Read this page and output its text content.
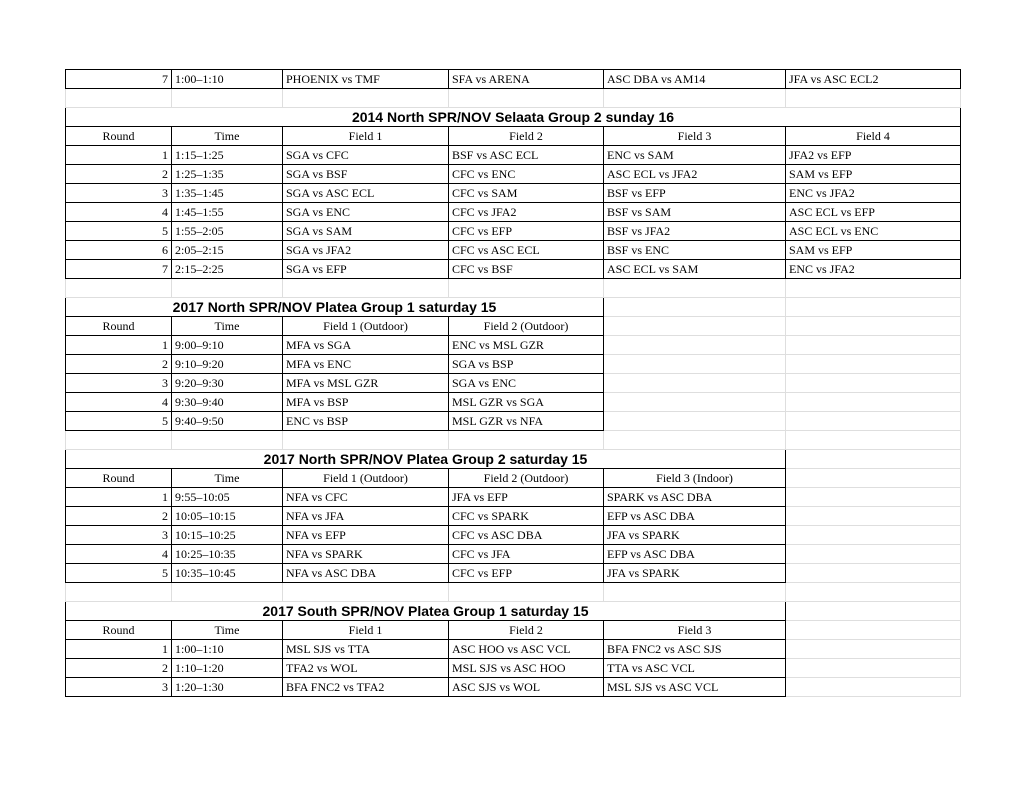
7	1:00–1:10	PHOENIX vs TMF	SFA vs ARENA	ASC DBA vs AM14	JFA vs ASC ECL2

2014 North SPR/NOV Selaata Group 2 sunday 16					
Round	Time	Field 1	Field 2	Field 3	Field 4
1	1:15–1:25	SGA vs CFC	BSF vs ASC ECL	ENC vs SAM	JFA2 vs EFP
2	1:25–1:35	SGA vs BSF	CFC vs ENC	ASC ECL vs JFA2	SAM vs EFP
3	1:35–1:45	SGA vs ASC ECL	CFC vs SAM	BSF vs EFP	ENC vs JFA2
4	1:45–1:55	SGA vs ENC	CFC vs JFA2	BSF vs SAM	ASC ECL vs EFP
5	1:55–2:05	SGA vs SAM	CFC vs EFP	BSF vs JFA2	ASC ECL vs ENC
6	2:05–2:15	SGA vs JFA2	CFC vs ASC ECL	BSF vs ENC	SAM vs EFP
7	2:15–2:25	SGA vs EFP	CFC vs BSF	ASC ECL vs SAM	ENC vs JFA2

2017 North SPR/NOV Platea Group 1 saturday 15					
Round	Time	Field 1 (Outdoor)	Field 2 (Outdoor)		
1	9:00–9:10	MFA vs SGA	ENC vs MSL GZR		
2	9:10–9:20	MFA vs ENC	SGA vs BSP		
3	9:20–9:30	MFA vs MSL GZR	SGA vs ENC		
4	9:30–9:40	MFA vs BSP	MSL GZR vs SGA		
5	9:40–9:50	ENC vs BSP	MSL GZR vs NFA		

2017 North SPR/NOV Platea Group 2 saturday 15					
Round	Time	Field 1 (Outdoor)	Field 2 (Outdoor)	Field 3 (Indoor)	
1	9:55–10:05	NFA vs CFC	JFA vs EFP	SPARK vs ASC DBA	
2	10:05–10:15	NFA vs JFA	CFC vs SPARK	EFP vs ASC DBA	
3	10:15–10:25	NFA vs EFP	CFC vs ASC DBA	JFA vs SPARK	
4	10:25–10:35	NFA vs SPARK	CFC vs JFA	EFP vs ASC DBA	
5	10:35–10:45	NFA vs ASC DBA	CFC vs EFP	JFA vs SPARK	

2017 South SPR/NOV Platea Group 1 saturday 15					
Round	Time	Field 1	Field 2	Field 3	
1	1:00–1:10	MSL SJS vs TTA	ASC HOO vs ASC VCL	BFA FNC2 vs ASC SJS	
2	1:10–1:20	TFA2 vs WOL	MSL SJS vs ASC HOO	TTA vs ASC VCL	
3	1:20–1:30	BFA FNC2 vs TFA2	ASC SJS vs WOL	MSL SJS vs ASC VCL	
